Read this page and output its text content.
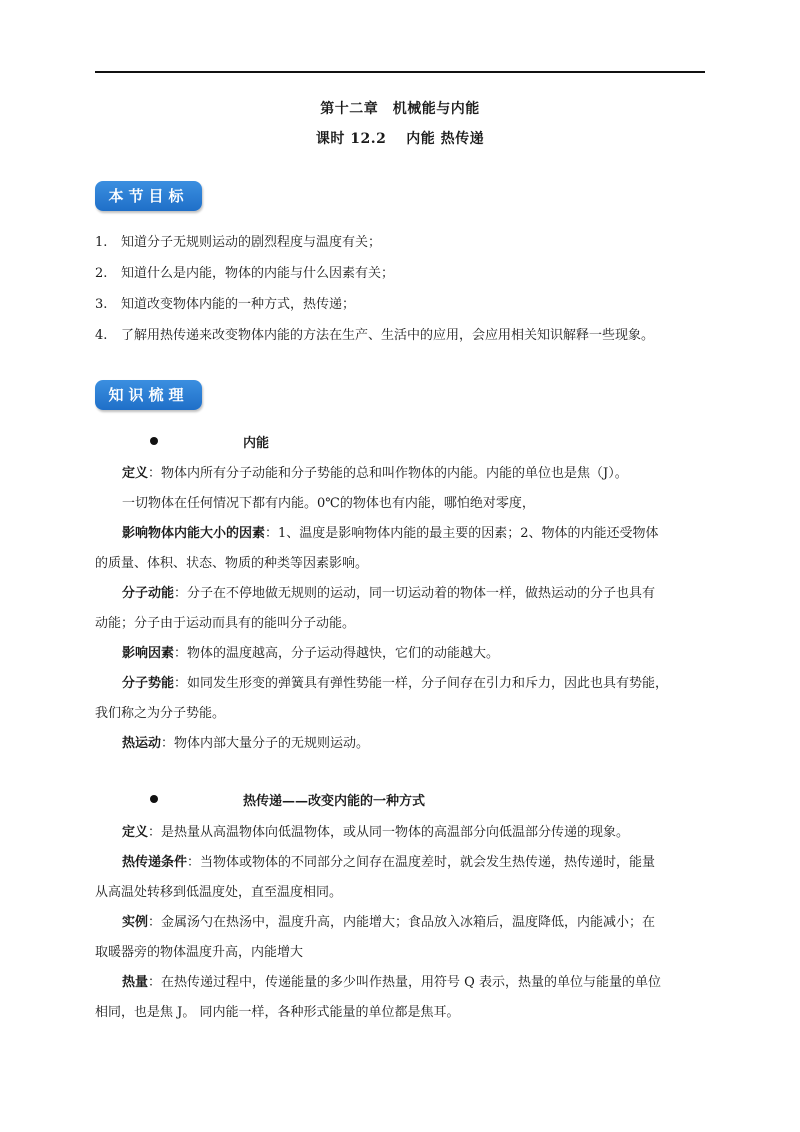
第十二章　机械能与内能
课时 12.2　 内能 热传递
本节目标
1. 知道分子无规则运动的剧烈程度与温度有关；
2. 知道什么是内能，物体的内能与什么因素有关；
3. 知道改变物体内能的一种方式，热传递；
4. 了解用热传递来改变物体内能的方法在生产、生活中的应用，会应用相关知识解释一些现象。
知识梳理
内能
定义：物体内所有分子动能和分子势能的总和叫作物体的内能。内能的单位也是焦（J）。
一切物体在任何情况下都有内能。0℃的物体也有内能，哪怕绝对零度，
影响物体内能大小的因素：1、温度是影响物体内能的最主要的因素；2、物体的内能还受物体
的质量、体积、状态、物质的种类等因素影响。
分子动能：分子在不停地做无规则的运动，同一切运动着的物体一样，做热运动的分子也具有
动能；分子由于运动而具有的能叫分子动能。
影响因素：物体的温度越高，分子运动得越快，它们的动能越大。
分子势能：如同发生形变的弹簧具有弹性势能一样，分子间存在引力和斥力，因此也具有势能，
我们称之为分子势能。
热运动：物体内部大量分子的无规则运动。
热传递——改变内能的一种方式
定义：是热量从高温物体向低温物体，或从同一物体的高温部分向低温部分传递的现象。
热传递条件：当物体或物体的不同部分之间存在温度差时，就会发生热传递，热传递时，能量
从高温处转移到低温度处，直至温度相同。
实例：金属汤勺在热汤中，温度升高，内能增大；食品放入冰箱后，温度降低，内能减小；在
取暖器旁的物体温度升高，内能增大
热量：在热传递过程中，传递能量的多少叫作热量，用符号 Q 表示，热量的单位与能量的单位
相同，也是焦 J。 同内能一样，各种形式能量的单位都是焦耳。
